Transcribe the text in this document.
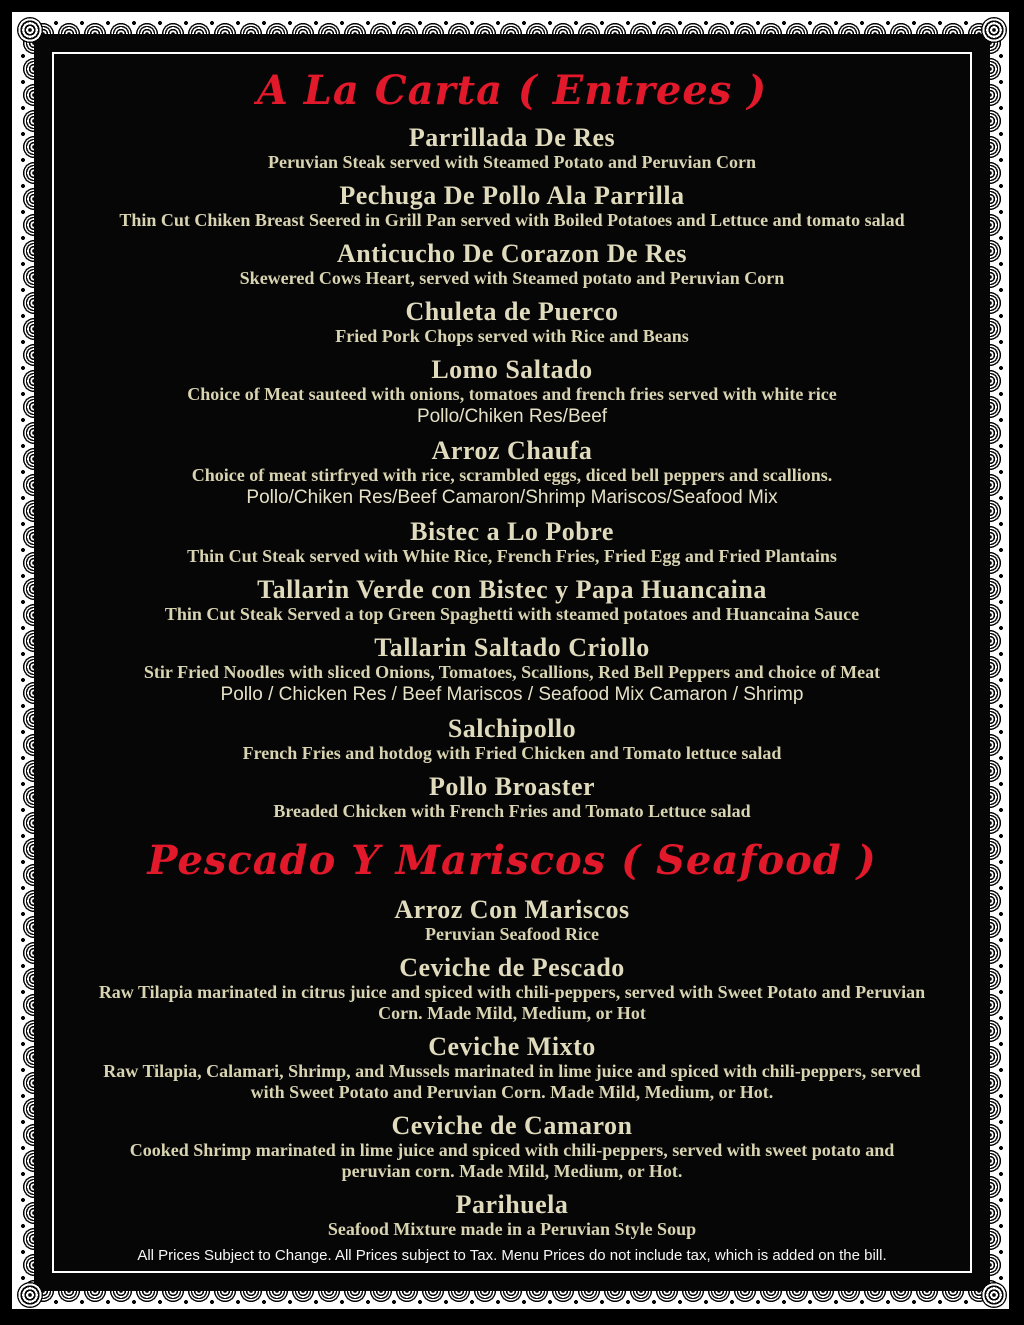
A La Carta ( Entrees )
Parrillada De Res
Peruvian Steak served with Steamed Potato and Peruvian Corn
Pechuga De Pollo Ala Parrilla
Thin Cut Chiken Breast Seered in Grill Pan served with Boiled Potatoes and Lettuce and tomato salad
Anticucho De Corazon De Res
Skewered Cows Heart, served with Steamed potato and Peruvian Corn
Chuleta de Puerco
Fried Pork Chops served with Rice and Beans
Lomo Saltado
Choice of Meat sauteed with onions, tomatoes and french fries served with white rice
Pollo/Chiken Res/Beef
Arroz Chaufa
Choice of meat stirfryed with rice, scrambled eggs, diced bell peppers and scallions.
Pollo/Chiken Res/Beef Camaron/Shrimp Mariscos/Seafood Mix
Bistec a Lo Pobre
Thin Cut Steak served with White Rice, French Fries, Fried Egg and Fried Plantains
Tallarin Verde con Bistec y Papa Huancaina
Thin Cut Steak Served a top Green Spaghetti with steamed potatoes and Huancaina Sauce
Tallarin Saltado Criollo
Stir Fried Noodles with sliced Onions, Tomatoes, Scallions, Red Bell Peppers and choice of Meat
Pollo / Chicken Res / Beef Mariscos / Seafood Mix Camaron / Shrimp
Salchipollo
French Fries and hotdog with Fried Chicken and Tomato lettuce salad
Pollo Broaster
Breaded Chicken with French Fries and Tomato Lettuce salad
Pescado Y Mariscos ( Seafood )
Arroz Con Mariscos
Peruvian Seafood Rice
Ceviche de Pescado
Raw Tilapia marinated in citrus juice and spiced with chili-peppers, served with Sweet Potato and Peruvian Corn. Made Mild, Medium, or Hot
Ceviche Mixto
Raw Tilapia, Calamari, Shrimp, and Mussels marinated in lime juice and spiced with chili-peppers, served with Sweet Potato and Peruvian Corn. Made Mild, Medium, or Hot.
Ceviche de Camaron
Cooked Shrimp marinated in lime juice and spiced with chili-peppers, served with sweet potato and peruvian corn. Made Mild, Medium, or Hot.
Parihuela
Seafood Mixture made in a Peruvian Style Soup
All Prices Subject to Change. All Prices subject to Tax. Menu Prices do not include tax, which is added on the bill.
